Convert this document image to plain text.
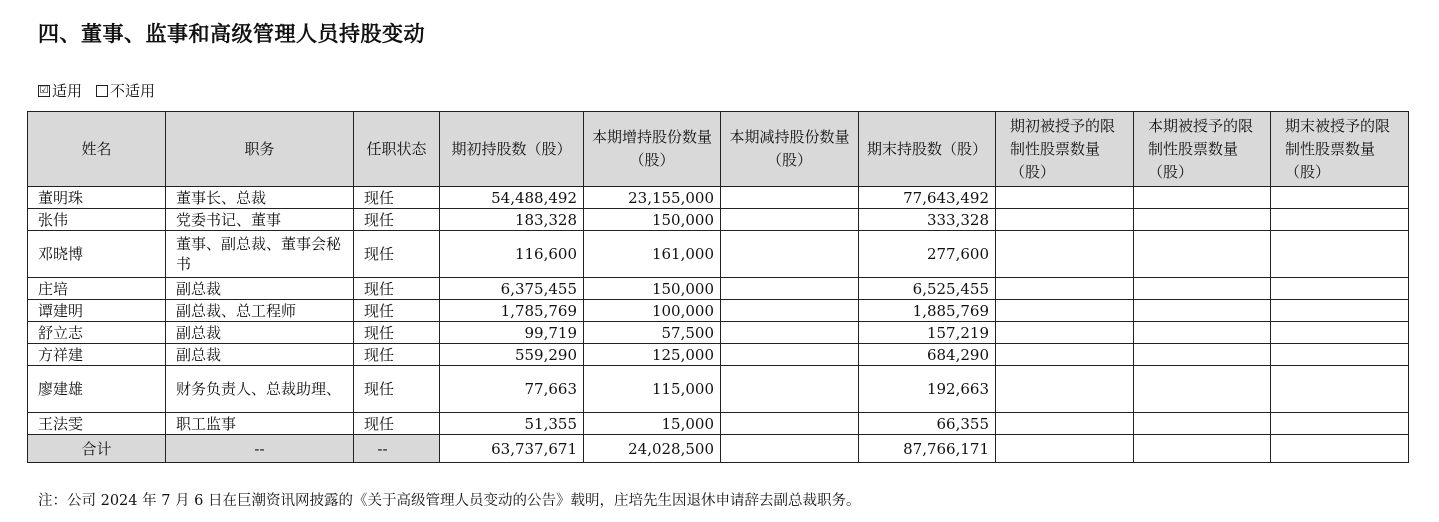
四、董事、监事和高级管理人员持股变动
☑ 适用 不适用
姓名	职务	任职状态	期初持股数（股）	本期增持股份数量（股）	本期减持股份数量（股）	期末持股数（股）	期初被授予的限制性股票数量（股）	本期被授予的限制性股票数量（股）	期末被授予的限制性股票数量（股）
董明珠	董事长、总裁	现任	54,488,492	23,155,000		77,643,492			
张伟	党委书记、董事	现任	183,328	150,000		333,328			
邓晓博	董事、副总裁、董事会秘书	现任	116,600	161,000		277,600			
庄培	副总裁	现任	6,375,455	150,000		6,525,455			
谭建明	副总裁、总工程师	现任	1,785,769	100,000		1,885,769			
舒立志	副总裁	现任	99,719	57,500		157,219			
方祥建	副总裁	现任	559,290	125,000		684,290			
廖建雄	财务负责人、总裁助理、	现任	77,663	115,000		192,663			
王法雯	职工监事	现任	51,355	15,000		66,355			
合计	--	--	63,737,671	24,028,500		87,766,171			
注：公司 2024 年 7 月 6 日在巨潮资讯网披露的《关于高级管理人员变动的公告》载明，庄培先生因退休申请辞去副总裁职务。
